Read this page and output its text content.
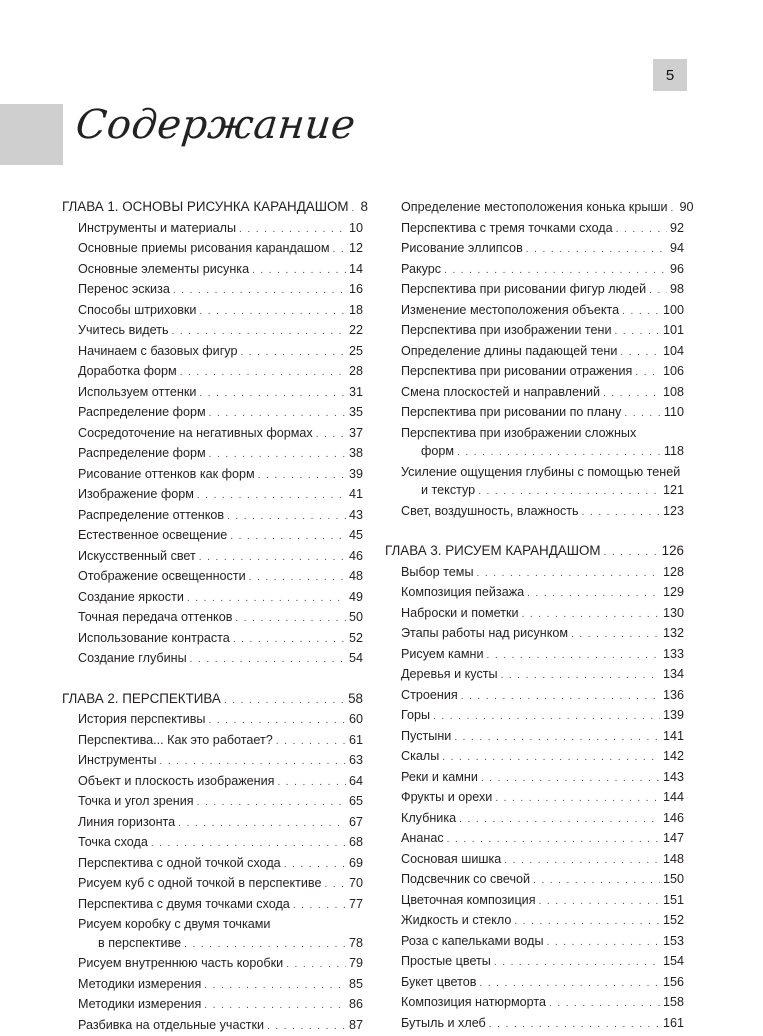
5
Содержание
ГЛАВА 1. ОСНОВЫ РИСУНКА КАРАНДАШОМ . . . 8
Инструменты и материалы . . .	10
Основные приемы рисования карандашом . . . 12
Основные элементы рисунка . . .	14
Перенос эскиза . . .	16
Способы штриховки . . .	18
Учитесь видеть . . .	22
Начинаем с базовых фигур . . .	25
Доработка форм . . .	28
Используем оттенки . . .	31
Распределение форм . . .	35
Сосредоточение на негативных формах . . .	37
Распределение форм . . .	38
Рисование оттенков как форм . . .	39
Изображение форм . . .	41
Распределение оттенков . . .	43
Естественное освещение . . .	45
Искусственный свет . . .	46
Отображение освещенности . . .	48
Создание яркости . . .	49
Точная передача оттенков . . .	50
Использование контраста . . .	52
Создание глубины . . .	54
ГЛАВА 2. ПЕРСПЕКТИВА . . .	58
История перспективы . . .	60
Перспектива... Как это работает? . . .	61
Инструменты . . .	63
Объект и плоскость изображения . . .	64
Точка и угол зрения . . .	65
Линия горизонта . . .	67
Точка схода . . .	68
Перспектива с одной точкой схода . . .	69
Рисуем куб с одной точкой в перспективе . . . 70
Перспектива с двумя точками схода . . .	77
Рисуем коробку с двумя точками
в перспективе . . .	78
Рисуем внутреннюю часть коробки . . .	79
Методики измерения . . .	85
Методики измерения . . .	86
Разбивка на отдельные участки . . .	87
Определение местоположения конька крыши . . . 90
Перспектива с тремя точками схода . . .	92
Рисование эллипсов . . .	94
Ракурс . . .	96
Перспектива при рисовании фигур людей . . . 98
Изменение местоположения объекта . . .	100
Перспектива при изображении тени . . .	101
Определение длины падающей тени . . .	104
Перспектива при рисовании отражения . . . 106
Смена плоскостей и направлений . . .	108
Перспектива при рисовании по плану . . .	110
Перспектива при изображении сложных
форм . . .	118
Усиление ощущения глубины с помощью теней
и текстур . . .	121
Свет, воздушность, влажность . . .	123
ГЛАВА 3. РИСУЕМ КАРАНДАШОМ . . .	126
Выбор темы . . .	128
Композиция пейзажа . . .	129
Наброски и пометки . . .	130
Этапы работы над рисунком . . .	132
Рисуем камни . . .	133
Деревья и кусты . . .	134
Строения . . .	136
Горы . . .	139
Пустыни . . .	141
Скалы . . .	142
Реки и камни . . .	143
Фрукты и орехи . . .	144
Клубника . . .	146
Ананас . . .	147
Сосновая шишка . . .	148
Подсвечник со свечой . . .	150
Цветочная композиция . . .	151
Жидкость и стекло . . .	152
Роза с капельками воды . . .	153
Простые цветы . . .	154
Букет цветов . . .	156
Композиция натюрморта . . .	158
Бутыль и хлеб . . .	161
